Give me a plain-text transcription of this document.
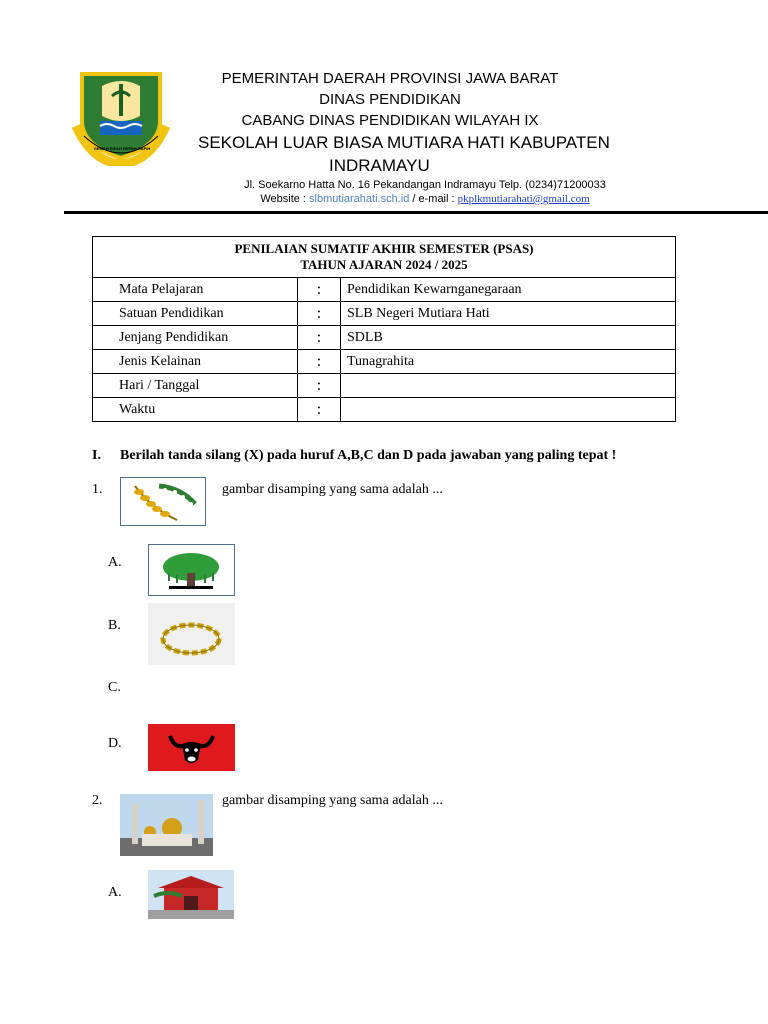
GEMAH RIPAH REPEH RAPIH
PEMERINTAH DAERAH PROVINSI JAWA BARAT
DINAS PENDIDIKAN
CABANG DINAS PENDIDIKAN WILAYAH IX
SEKOLAH LUAR BIASA MUTIARA HATI KABUPATEN
INDRAMAYU
Jl. Soekarno Hatta No. 16 Pekandangan Indramayu Telp. (0234)71200033
Website : slbmutiarahati.sch.id / e-mail : pkplkmutiarahati@gmail.com
PENILAIAN SUMATIF AKHIR SEMESTER (PSAS)
TAHUN AJARAN 2024 / 2025		

Mata Pelajaran	:	Pendidikan Kewarnganegaraan
Satuan Pendidikan	:	SLB Negeri Mutiara Hati
Jenjang Pendidikan	:	SDLB
Jenis Kelainan	:	Tunagrahita
Hari / Tanggal	:	
Waktu	:	
I. Berilah tanda silang (X) pada huruf A,B,C dan D pada jawaban yang paling tepat !
1.	gambar disamping yang sama adalah ...
A.
B.
C.
D.
2.	gambar disamping yang sama adalah ...
A.
